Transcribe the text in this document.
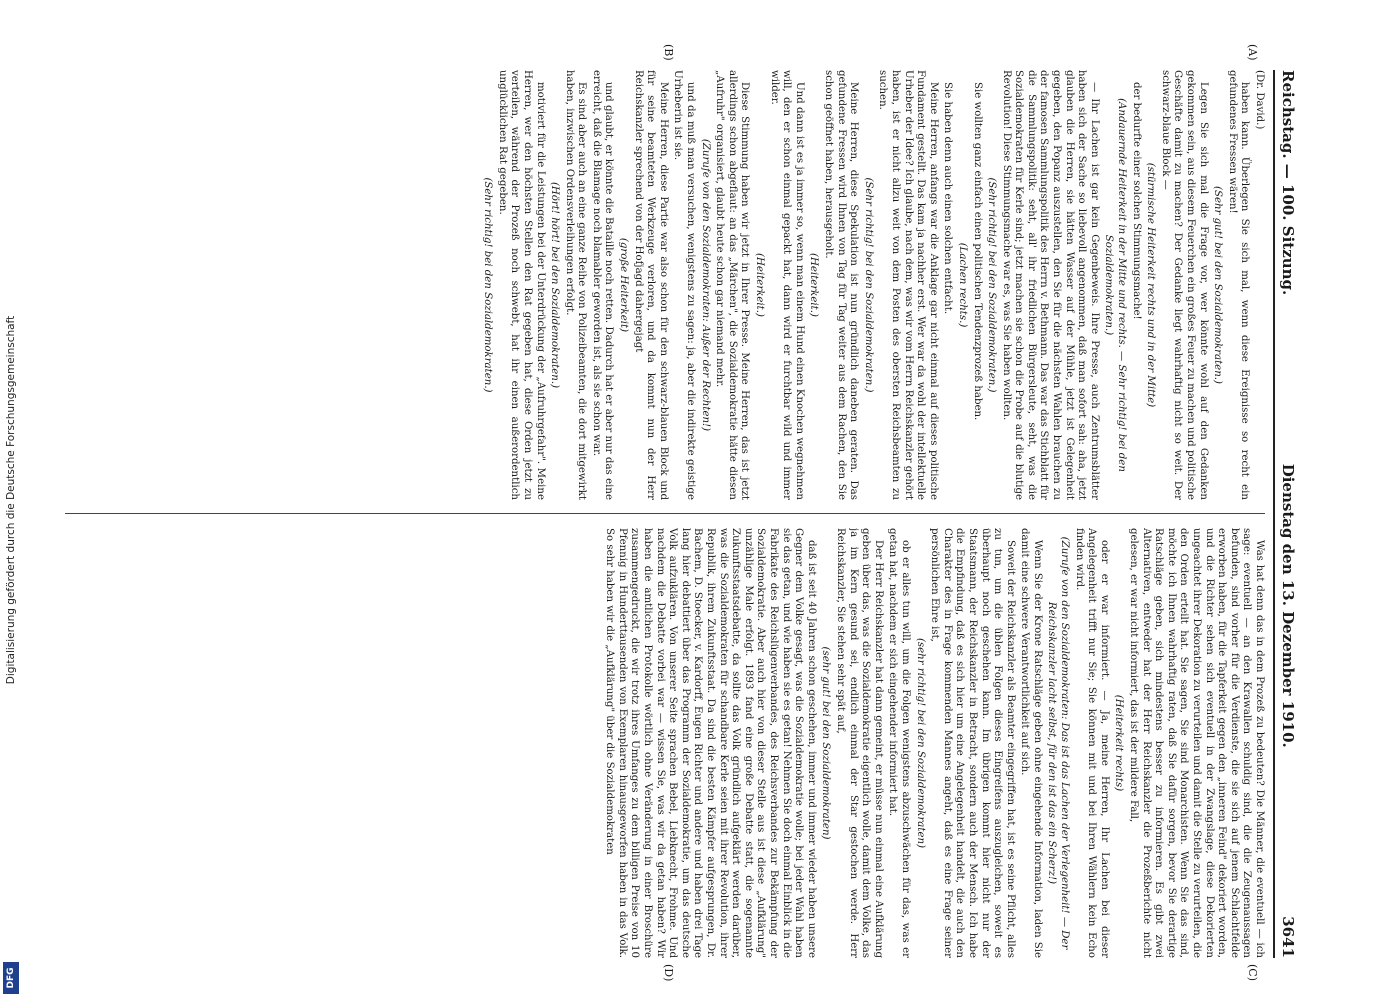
Digitalisierung gefördert durch die Deutsche Forschungsgemeinschaft
DFG
Reichstag. — 100. Sitzung.
Dienstag den 13. Dezember 1910.
3641
(A)
(B)
(C)
(D)

(Dr. David.)

haben kann. Überlegen Sie sich mal, wenn diese Ereignisse so recht ein gefundenes Fressen wären!

(Sehr gut! bei den Sozialdemokraten.)

Legen Sie sich mal die Frage vor, wer könnte wohl auf den Gedanken gekommen sein, aus diesem Feuerchen ein großes Feuer zu machen und politische Geschäfte damit zu machen? Der Gedanke liegt wahrhaftig nicht so weit. Der schwarz-blaue Block —

(stürmische Heiterkeit rechts und in der Mitte)

der bedurfte einer solchen Stimmungsmache!

(Andauernde Heiterkeit in der Mitte und rechts. — Sehr richtig! bei den Sozialdemokraten.)

— Ihr Lachen ist gar kein Gegenbeweis. Ihre Presse, auch Zentrumsblätter haben sich der Sache so liebevoll angenommen, daß man sofort sah: aha, jetzt glauben die Herren, sie hätten Wasser auf der Mühle, jetzt ist Gelegenheit gegeben, den Popanz auszustellen, den Sie für die nächsten Wahlen brauchen zu der famosen Sammlungspolitik des Herrn v. Bethmann. Das war das Stichblatt für die Sammlungspolitik: seht, all' ihr friedlichen Bürgersleute, seht, was die Sozialdemokraten für Kerle sind; jetzt machen sie schon die Probe auf die blutige Revolution! Diese Stimmungsmache war es, was Sie haben wollten.

(Sehr richtig! bei den Sozialdemokraten.)

Sie wollten ganz einfach einen politischen Tendenzprozeß haben.

(Lachen rechts.)

Sie haben denn auch einen solchen entfacht.

Meine Herren, anfangs war die Anklage gar nicht einmal auf dieses politische Fundament gestellt. Das kam ja nachher erst. Wer war da wohl der intellektuelle Urheber der Idee? Ich glaube, nach dem, was wir vom Herrn Reichskanzler gehört haben, ist er nicht allzu weit von dem Posten des obersten Reichsbeamten zu suchen.

(Sehr richtig! bei den Sozialdemokraten.)

Meine Herren, diese Spekulation ist nun gründlich daneben geraten. Das gefundene Fressen wird Ihnen von Tag für Tag weiter aus dem Rachen, den Sie schon geöffnet haben, herausgeholt.

(Heiterkeit.)

Und dann ist es ja immer so, wenn man einem Hund einen Knochen wegnehmen will, den er schon einmal gepackt hat, dann wird er furchtbar wild und immer wilder.

(Heiterkeit.)

Diese Stimmung haben wir jetzt in Ihrer Presse. Meine Herren, das ist jetzt allerdings schon abgeflaut: an das „Märchen", die Sozialdemokratie hätte diesen „Aufruhr" organisiert, glaubt heute schon gar niemand mehr.

(Zurufe von den Sozialdemokraten: Außer der Rechten!)

und da muß man versuchen, wenigstens zu sagen: ja, aber die indirekte geistige Urheberin ist sie.

Meine Herren, diese Partie war also schon für den schwarz-blauen Block und für seine beamteten Werkzeuge verloren, und da kommt nun der Herr Reichskanzler sprechend von der Hofjagd dahergejagt

(große Heiterkeit)

und glaubt, er könnte die Bataille noch retten. Dadurch hat er aber nur das eine erreicht, daß die Blamage noch blamabler geworden ist, als sie schon war.

Es sind aber auch an eine ganze Reihe von Polizeibeamten, die dort mitgewirkt haben, inzwischen Ordensverleihungen erfolgt.

(Hört! hört! bei den Sozialdemokraten.)

motiviert für die Leistungen bei der Unterdrückung der „Aufruhrgefahr". Meine Herren, wer den höchsten Stellen den Rat gegeben hat, diese Orden jetzt zu verteilen, während der Prozeß noch schwebt, hat ihr einen außerordentlich unglücklichen Rat gegeben.

(Sehr richtig! bei den Sozialdemokraten.)

Was hat denn das in dem Prozeß zu bedeuten? Die Männer, die eventuell — ich sage: eventuell — an den Krawallen schuldig sind, die die Zeugenaussagen befunden, sind vorher für die Verdienste, die sie sich auf jenem Schlachtfelde erworben haben, für die Tapferkeit gegen den „inneren Feind" dekoriert worden, und die Richter sehen sich eventuell in der Zwangslage, diese Dekorierten ungeachtet ihrer Dekoration zu verurteilen und damit die Stelle zu verurteilen, die den Orden erteilt hat. Sie sagen, Sie sind Monarchisten. Wenn Sie das sind, möchte ich Ihnen wahrhaftig raten, daß Sie dafür sorgen, bevor Sie derartige Ratschläge geben, sich mindestens besser zu informieren. Es gibt zwei Alternativen, entweder hat der Herr Reichskanzler die Prozeßberichte nicht gelesen, er war nicht informiert, das ist der mildere Fall,

(Heiterkeit rechts)

oder er war informiert. — Ja, meine Herren, Ihr Lachen bei dieser Angelegenheit trifft nur Sie; Sie können mit und bei Ihren Wählern kein Echo finden wird.

(Zurufe von den Sozialdemokraten: Das ist das Lachen der Verlegenheit! — Der Reichskanzler lacht selbst, für den ist das ein Scherz!)

Wenn Sie der Krone Ratschläge geben ohne eingehende Information, laden Sie damit eine schwere Verantwortlichkeit auf sich.

Soweit der Reichskanzler als Beamter eingegriffen hat, ist es seine Pflicht, alles zu tun, um die üblen Folgen dieses Eingreifens auszugleichen, soweit es überhaupt noch geschehen kann. Im übrigen kommt hier nicht nur der Staatsmann, der Reichskanzler in Betracht, sondern auch der Mensch. Ich habe die Empfindung, daß es sich hier um eine Angelegenheit handelt, die auch den Charakter des in Frage kommenden Mannes angeht, daß es eine Frage seiner persönlichen Ehre ist,

(sehr richtig! bei den Sozialdemokraten)

ob er alles tun will, um die Folgen wenigstens abzuschwächen für das, was er getan hat, nachdem er sich eingehender informiert hat.

Der Herr Reichskanzler hat dann gemeint, er müsse nun einmal eine Aufklärung geben über das, was die Sozialdemokratie eigentlich wolle, damit dem Volke, das ja im Kern gesund sei, endlich einmal der Star gestochen werde. Herr Reichskanzler, Sie stehen sehr spät auf,

(sehr gut! bei den Sozialdemokraten)

daß ist seit 40 Jahren schon geschehen, immer und immer wieder haben unsere Gegner dem Volke gesagt, was die Sozialdemokratie wolle; bei jeder Wahl haben sie das getan, und wie haben sie es getan! Nehmen Sie doch einmal Einblick in die Fabrikate des Reichslügenverbandes, des Reichsverbandes zur Bekämpfung der Sozialdemokratie. Aber auch hier von dieser Stelle aus ist diese „Aufklärung" unzählige Male erfolgt. 1893 fand eine große Debatte statt, die sogenannte Zukunftsstaatsdebatte, da sollte das Volk gründlich aufgeklärt werden darüber, was die Sozialdemokraten für schandbare Kerle seien mit ihrer Revolution, ihrer Republik, ihrem Zukunftsstaat. Da sind die besten Kämpfer aufgesprungen, Dr. Bachem, D. Stoecker, v. Kardorff, Eugen Richter und andere und haben drei Tage lang hier debattiert über das Programm der Sozialdemokratie, um das deutsche Volk aufzuklären. Von unserer Seite sprachen Bebel, Liebknecht, Frohme. Und nachdem die Debatte vorbei war — wissen Sie, was wir da getan haben? Wir haben die amtlichen Protokolle wörtlich ohne Veränderung in einer Broschüre zusammengedruckt, die wir trotz ihres Umfanges zu dem billigen Preise von 10 Pfennig in Hunderttausenden von Exemplaren hinausgeworfen haben in das Volk. So sehr haben wir die „Aufklärung" über die Sozialdemokraten
